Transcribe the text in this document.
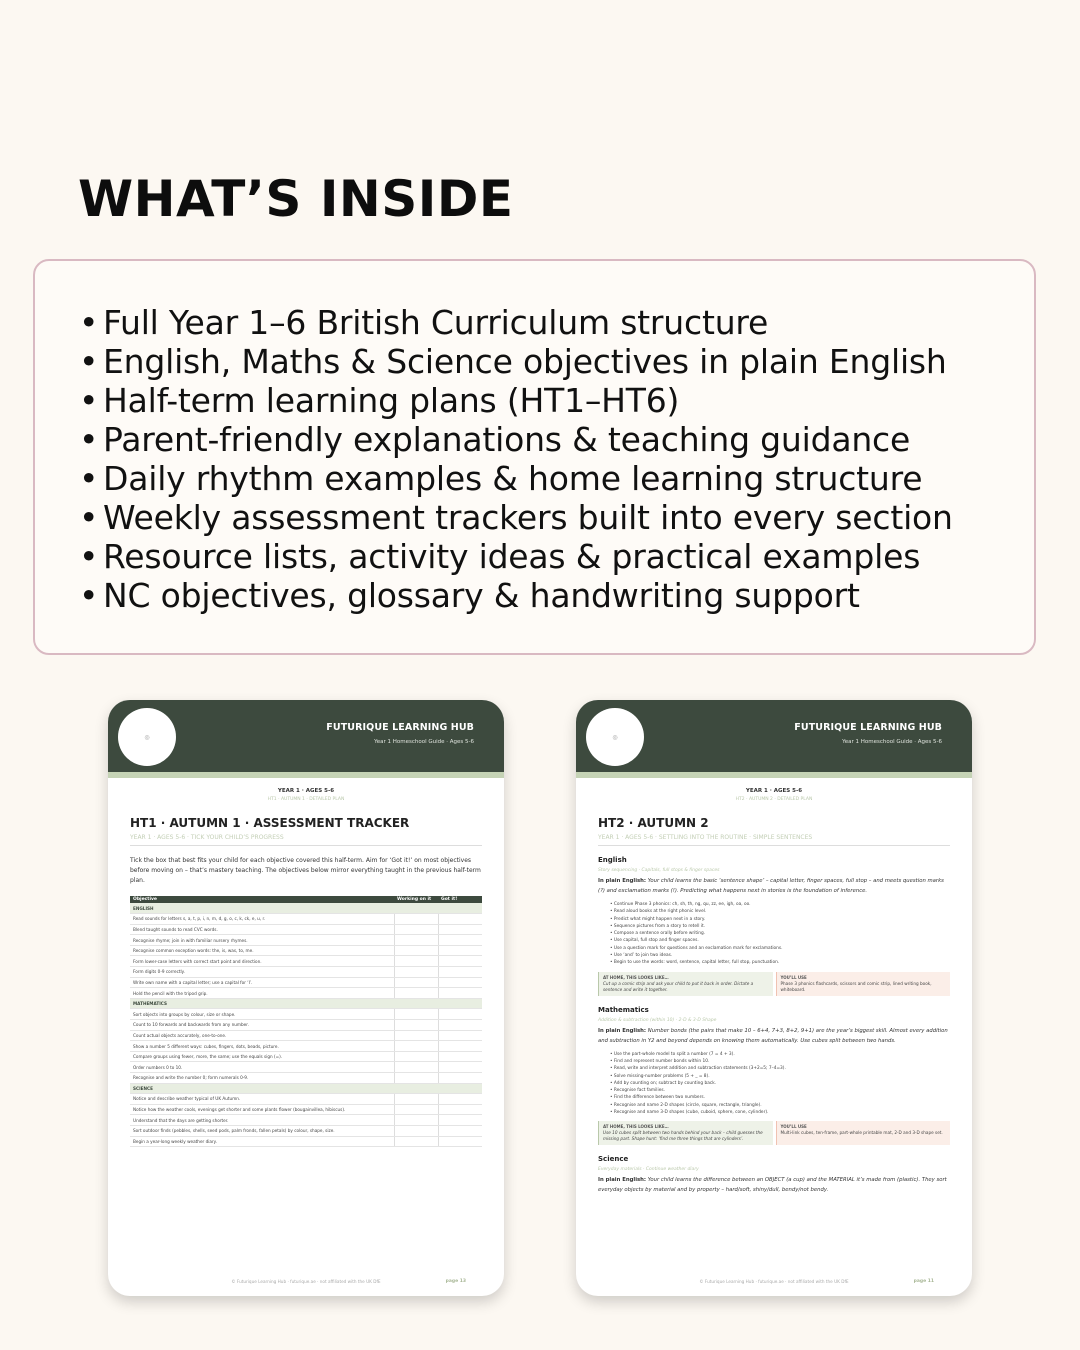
WHAT’S INSIDE
• Full Year 1–6 British Curriculum structure
• English, Maths & Science objectives in plain English
• Half-term learning plans (HT1–HT6)
• Parent-friendly explanations & teaching guidance
• Daily rhythm examples & home learning structure
• Weekly assessment trackers built into every section
• Resource lists, activity ideas & practical examples
• NC objectives, glossary & handwriting support
◎
FUTURIQUE LEARNING HUB
Year 1 Homeschool Guide · Ages 5-6
YEAR 1 · AGES 5-6
HT1 · AUTUMN 1 · DETAILED PLAN
HT1 · AUTUMN 1 · ASSESSMENT TRACKER
YEAR 1 · AGES 5-6 · TICK YOUR CHILD’S PROGRESS

Tick the box that best fits your child for each objective covered this half-term. Aim for ‘Got it!’ on most objectives before moving on – that’s mastery teaching. The objectives below mirror everything taught in the previous half-term plan.

Objective	Working on it	Got it!
ENGLISH		
Read sounds for letters s, a, t, p, i, n, m, d, g, o, c, k, ck, e, u, r.		
Blend taught sounds to read CVC words.		
Recognise rhyme; join in with familiar nursery rhymes.		
Recognise common exception words: the, is, was, to, me.		
Form lower-case letters with correct start point and direction.		
Form digits 0-9 correctly.		
Write own name with a capital letter; use a capital for ‘I’.		
Hold the pencil with the tripod grip.		
MATHEMATICS		
Sort objects into groups by colour, size or shape.		
Count to 10 forwards and backwards from any number.		
Count actual objects accurately, one-to-one.		
Show a number 5 different ways: cubes, fingers, dots, beads, picture.		
Compare groups using fewer, more, the same; use the equals sign (=).		
Order numbers 0 to 10.		
Recognise and write the number 0; form numerals 0-9.		
SCIENCE		
Notice and describe weather typical of UK Autumn.		
Notice how the weather cools, evenings get shorter and some plants flower (bougainvillea, hibiscus).		
Understand that the days are getting shorter.		
Sort outdoor finds (pebbles, shells, seed pods, palm fronds, fallen petals) by colour, shape, size.		
Begin a year-long weekly weather diary.		
© Futurique Learning Hub · futurique.ae · not affiliated with the UK DfE	page 13
◎
FUTURIQUE LEARNING HUB
Year 1 Homeschool Guide · Ages 5-6
YEAR 1 · AGES 5-6
HT2 · AUTUMN 2 · DETAILED PLAN
HT2 · AUTUMN 2
YEAR 1 · AGES 5-6 · SETTLING INTO THE ROUTINE · SIMPLE SENTENCES
English
Story sequencing · Capitals, full stops & finger spaces

In plain English: Your child learns the basic ‘sentence shape’ – capital letter, finger spaces, full stop – and meets question marks (?) and exclamation marks (!). Predicting what happens next in stories is the foundation of inference.

• Continue Phase 3 phonics: ch, sh, th, ng, qu, zz, ee, igh, oa, oo.
• Read aloud books at the right phonic level.
• Predict what might happen next in a story.
• Sequence pictures from a story to retell it.
• Compose a sentence orally before writing.
• Use capital, full stop and finger spaces.
• Use a question mark for questions and an exclamation mark for exclamations.
• Use ‘and’ to join two ideas.
• Begin to use the words: word, sentence, capital letter, full stop, punctuation.
AT HOME, THIS LOOKS LIKE…
Cut up a comic strip and ask your child to put it back in order. Dictate a sentence and write it together.
YOU’LL USE
Phase 3 phonics flashcards, scissors and comic strip, lined writing book, whiteboard.
Mathematics
Addition & subtraction (within 10) · 2-D & 3-D Shape

In plain English: Number bonds (the pairs that make 10 – 6+4, 7+3, 8+2, 9+1) are the year’s biggest skill. Almost every addition and subtraction in Y2 and beyond depends on knowing them automatically. Use cubes split between two hands.

• Use the part-whole model to split a number (7 = 4 + 3).
• Find and represent number bonds within 10.
• Read, write and interpret addition and subtraction statements (3+2=5; 7–4=3).
• Solve missing-number problems (5 + _ = 8).
• Add by counting on; subtract by counting back.
• Recognise fact families.
• Find the difference between two numbers.
• Recognise and name 2-D shapes (circle, square, rectangle, triangle).
• Recognise and name 3-D shapes (cube, cuboid, sphere, cone, cylinder).
AT HOME, THIS LOOKS LIKE…
Use 10 cubes split between two hands behind your back – child guesses the missing part. Shape hunt: ‘find me three things that are cylinders’.
YOU’LL USE
Multi-link cubes, ten-frame, part-whole printable mat, 2-D and 3-D shape set.
Science
Everyday materials · Continue weather diary

In plain English: Your child learns the difference between an OBJECT (a cup) and the MATERIAL it’s made from (plastic). They sort everyday objects by material and by property – hard/soft, shiny/dull, bendy/not bendy.

© Futurique Learning Hub · futurique.ae · not affiliated with the UK DfE	page 11
